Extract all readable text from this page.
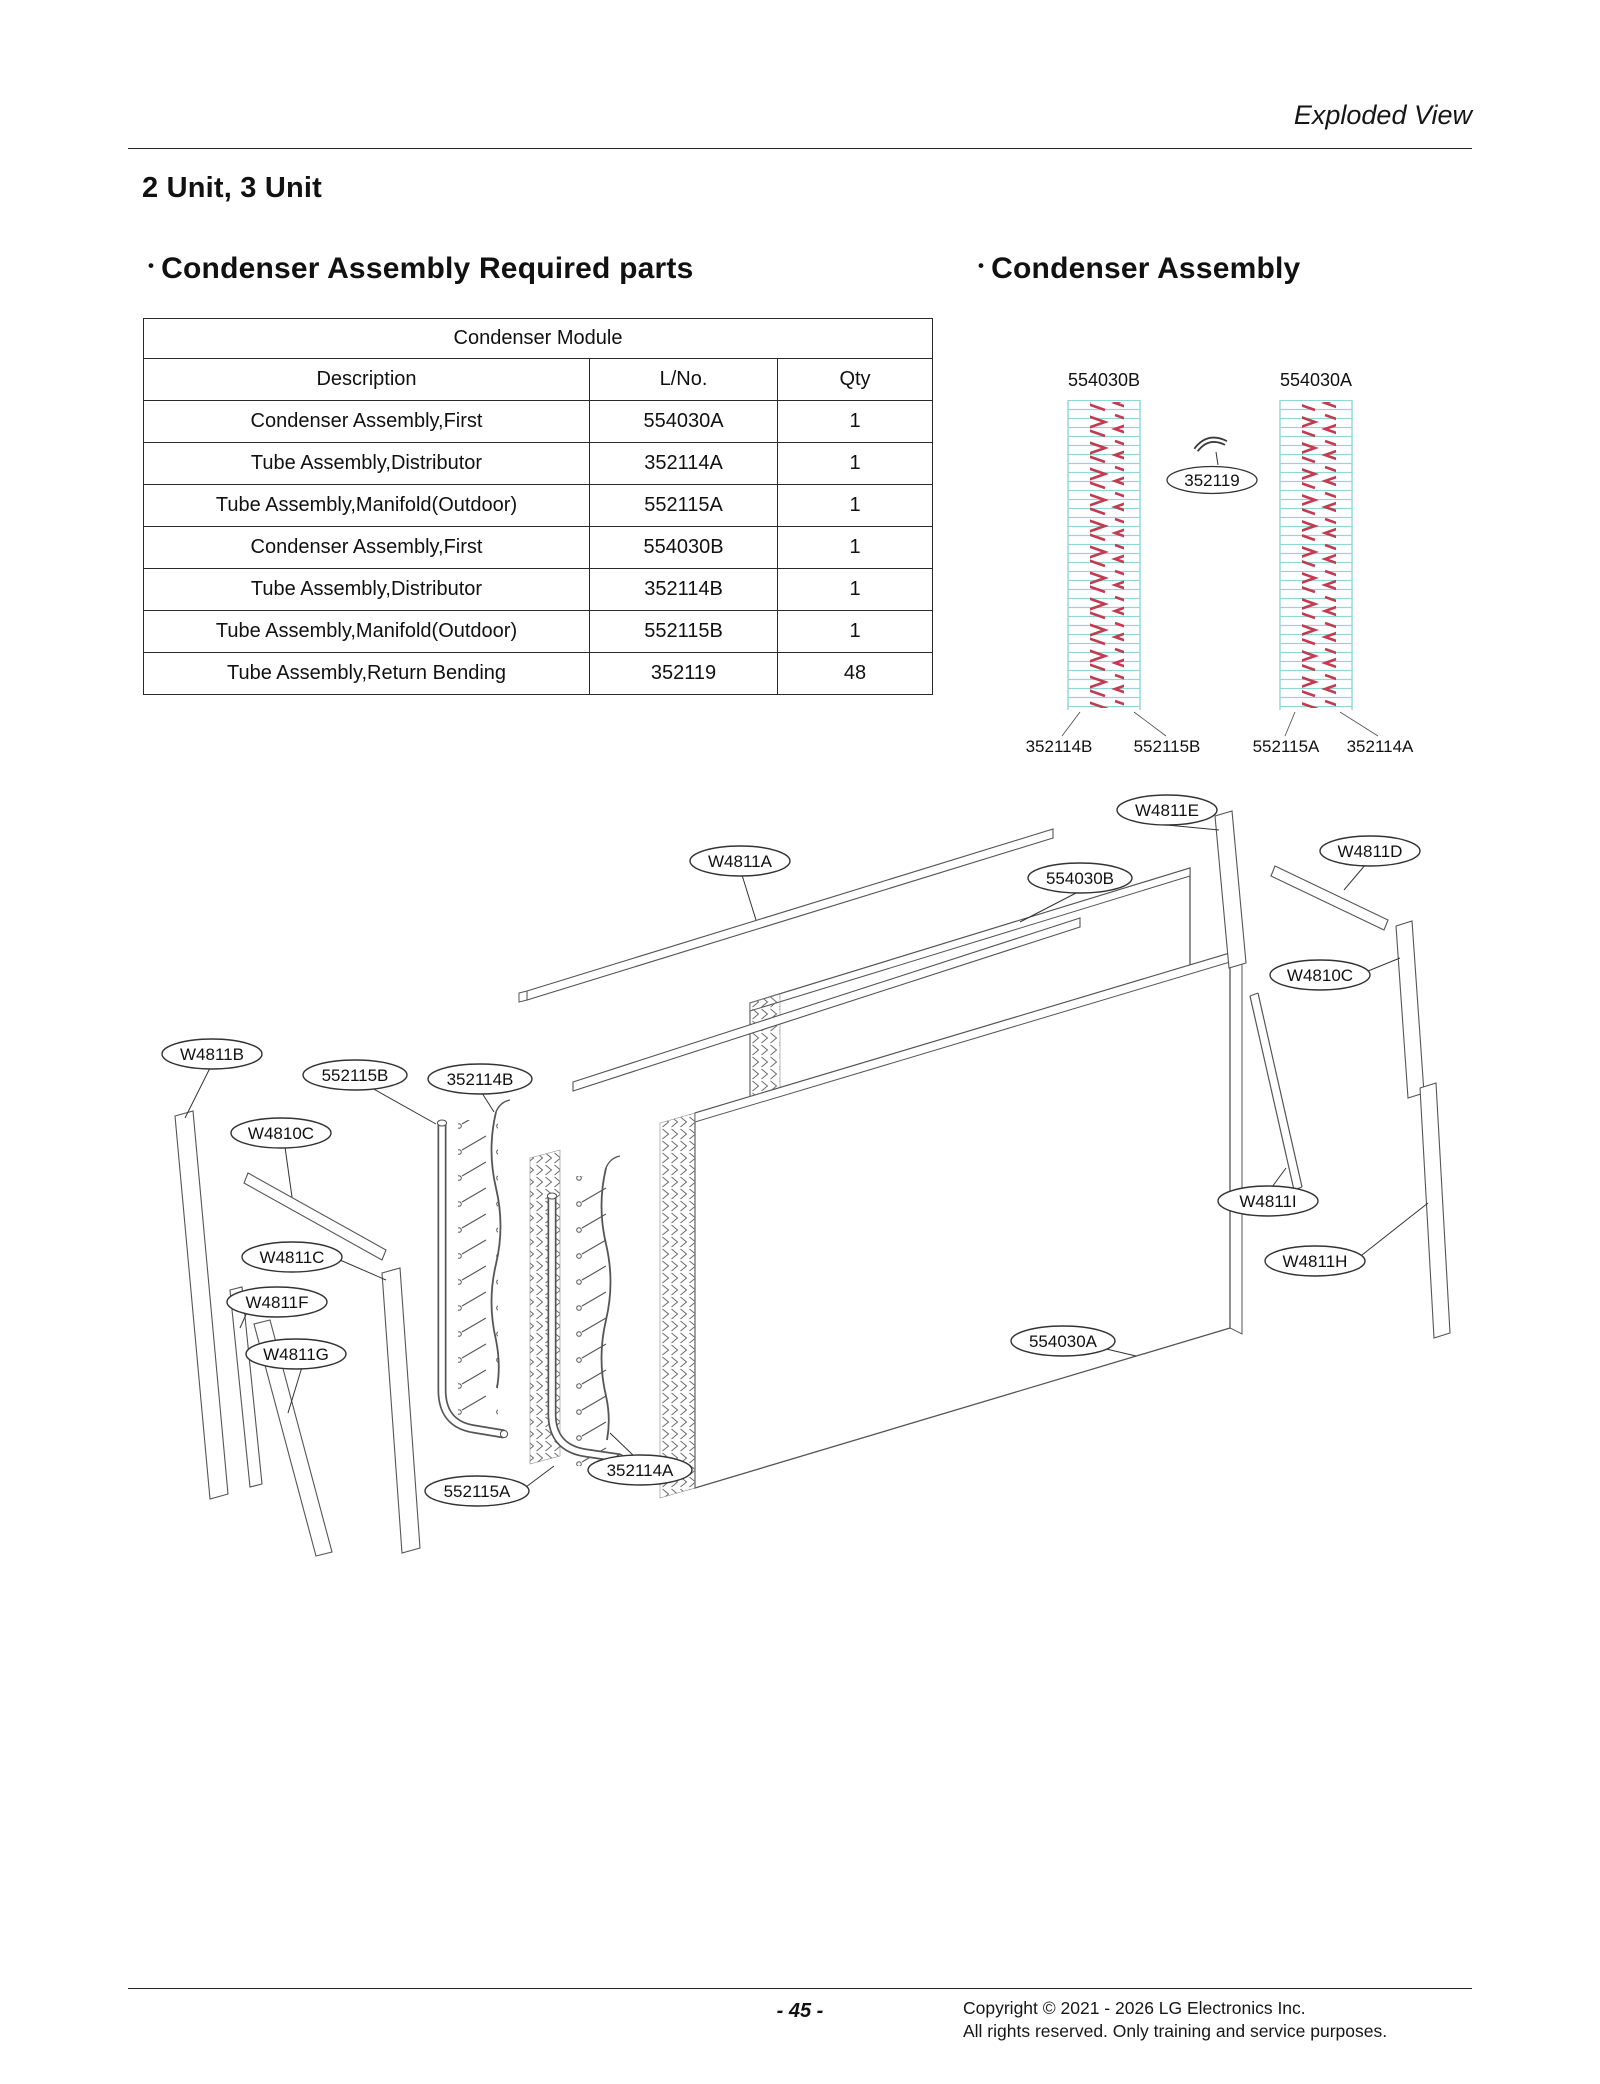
Exploded View
2 Unit, 3 Unit
• Condenser Assembly Required parts	• Condenser Assembly
Condenser Module		
Description	L/No.	Qty
Condenser Assembly,First	554030A	1
Tube Assembly,Distributor	352114A	1
Tube Assembly,Manifold(Outdoor)	552115A	1
Condenser Assembly,First	554030B	1
Tube Assembly,Distributor	352114B	1
Tube Assembly,Manifold(Outdoor)	552115B	1
Tube Assembly,Return Bending	352119	48
554030B	554030A
352119
352114B 552115B	552115A 352114A
W4811E
W4811D
W4811A
554030B
W4810C
W4811B
552115B	352114B
W4810C
W4811C
W4811F
W4811G
W4811I
W4811H
554030A
352114A
552115A
- 45 -	Copyright © 2021 - 2026 LG Electronics Inc.
All rights reserved. Only training and service purposes.
